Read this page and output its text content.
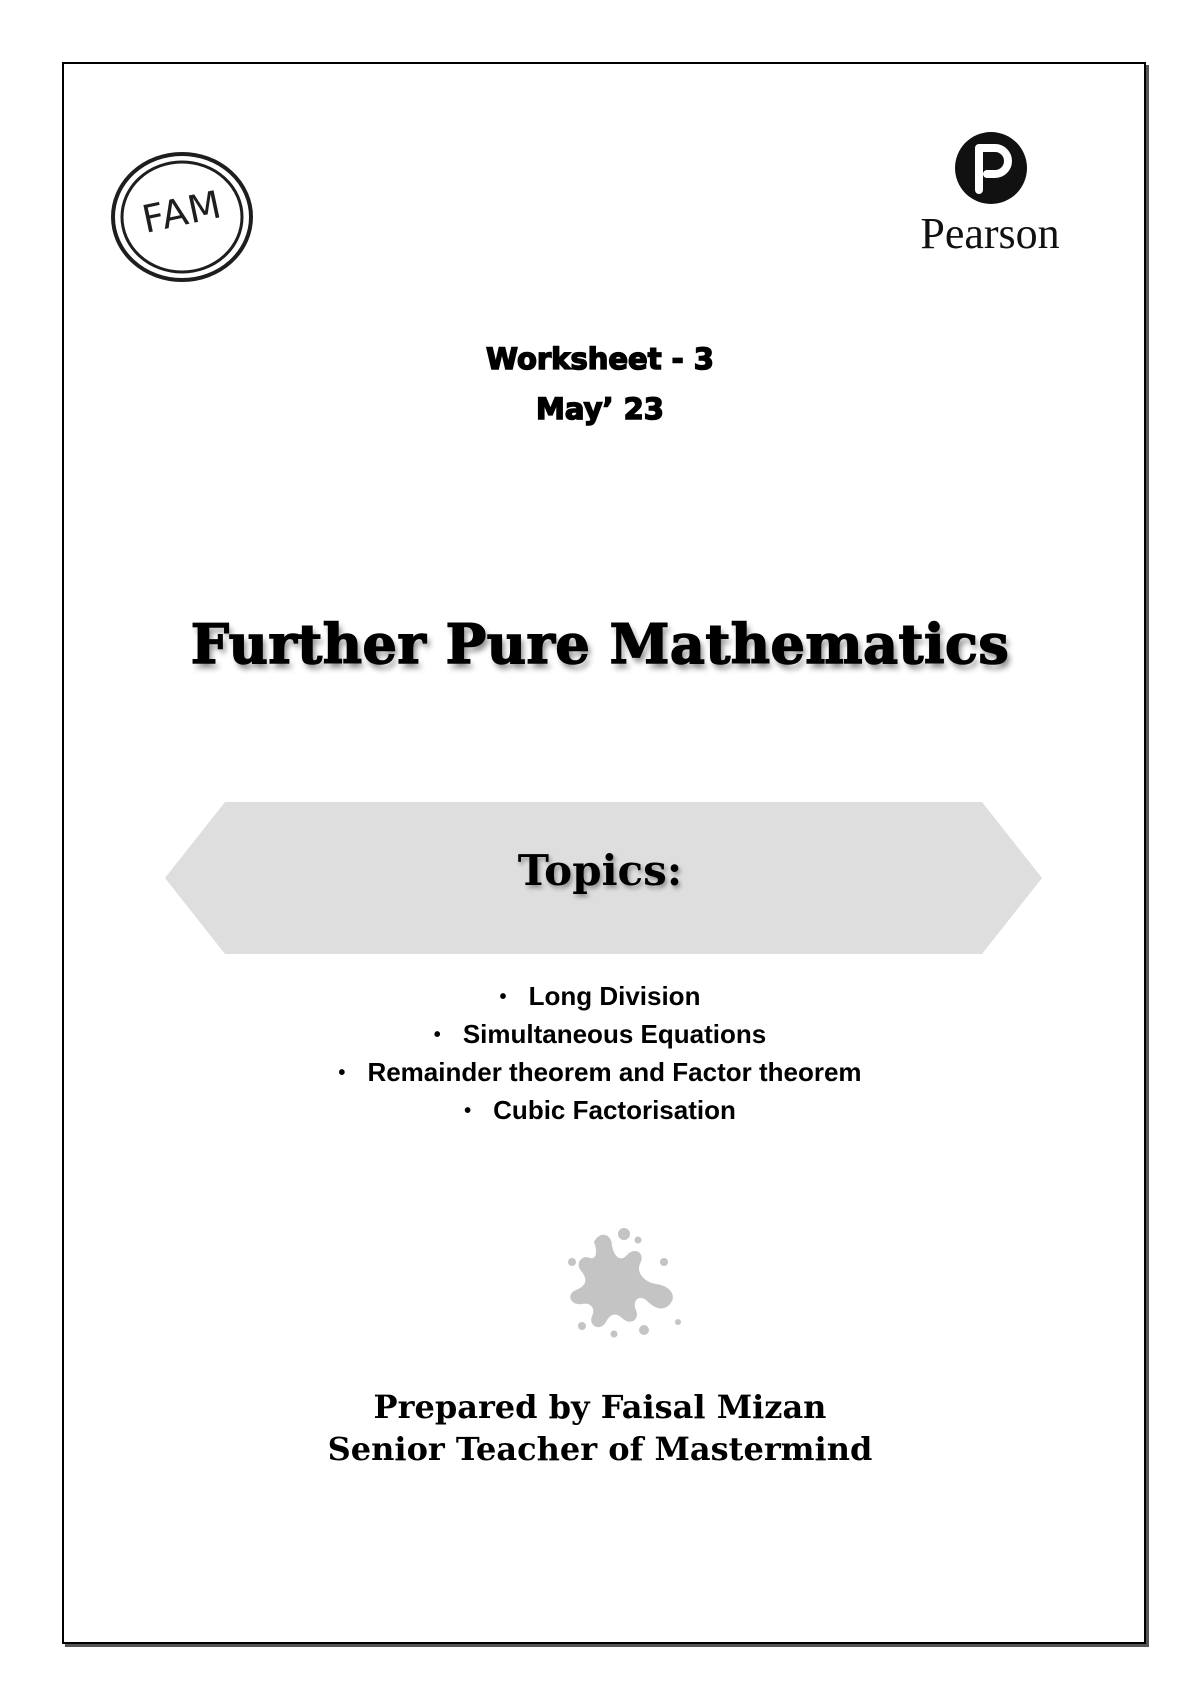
FAM	Pearson
Worksheet - 3
May’ 23
Further Pure Mathematics
Topics:
• Long Division
• Simultaneous Equations
• Remainder theorem and Factor theorem
• Cubic Factorisation
Prepared by Faisal Mizan
Senior Teacher of Mastermind
